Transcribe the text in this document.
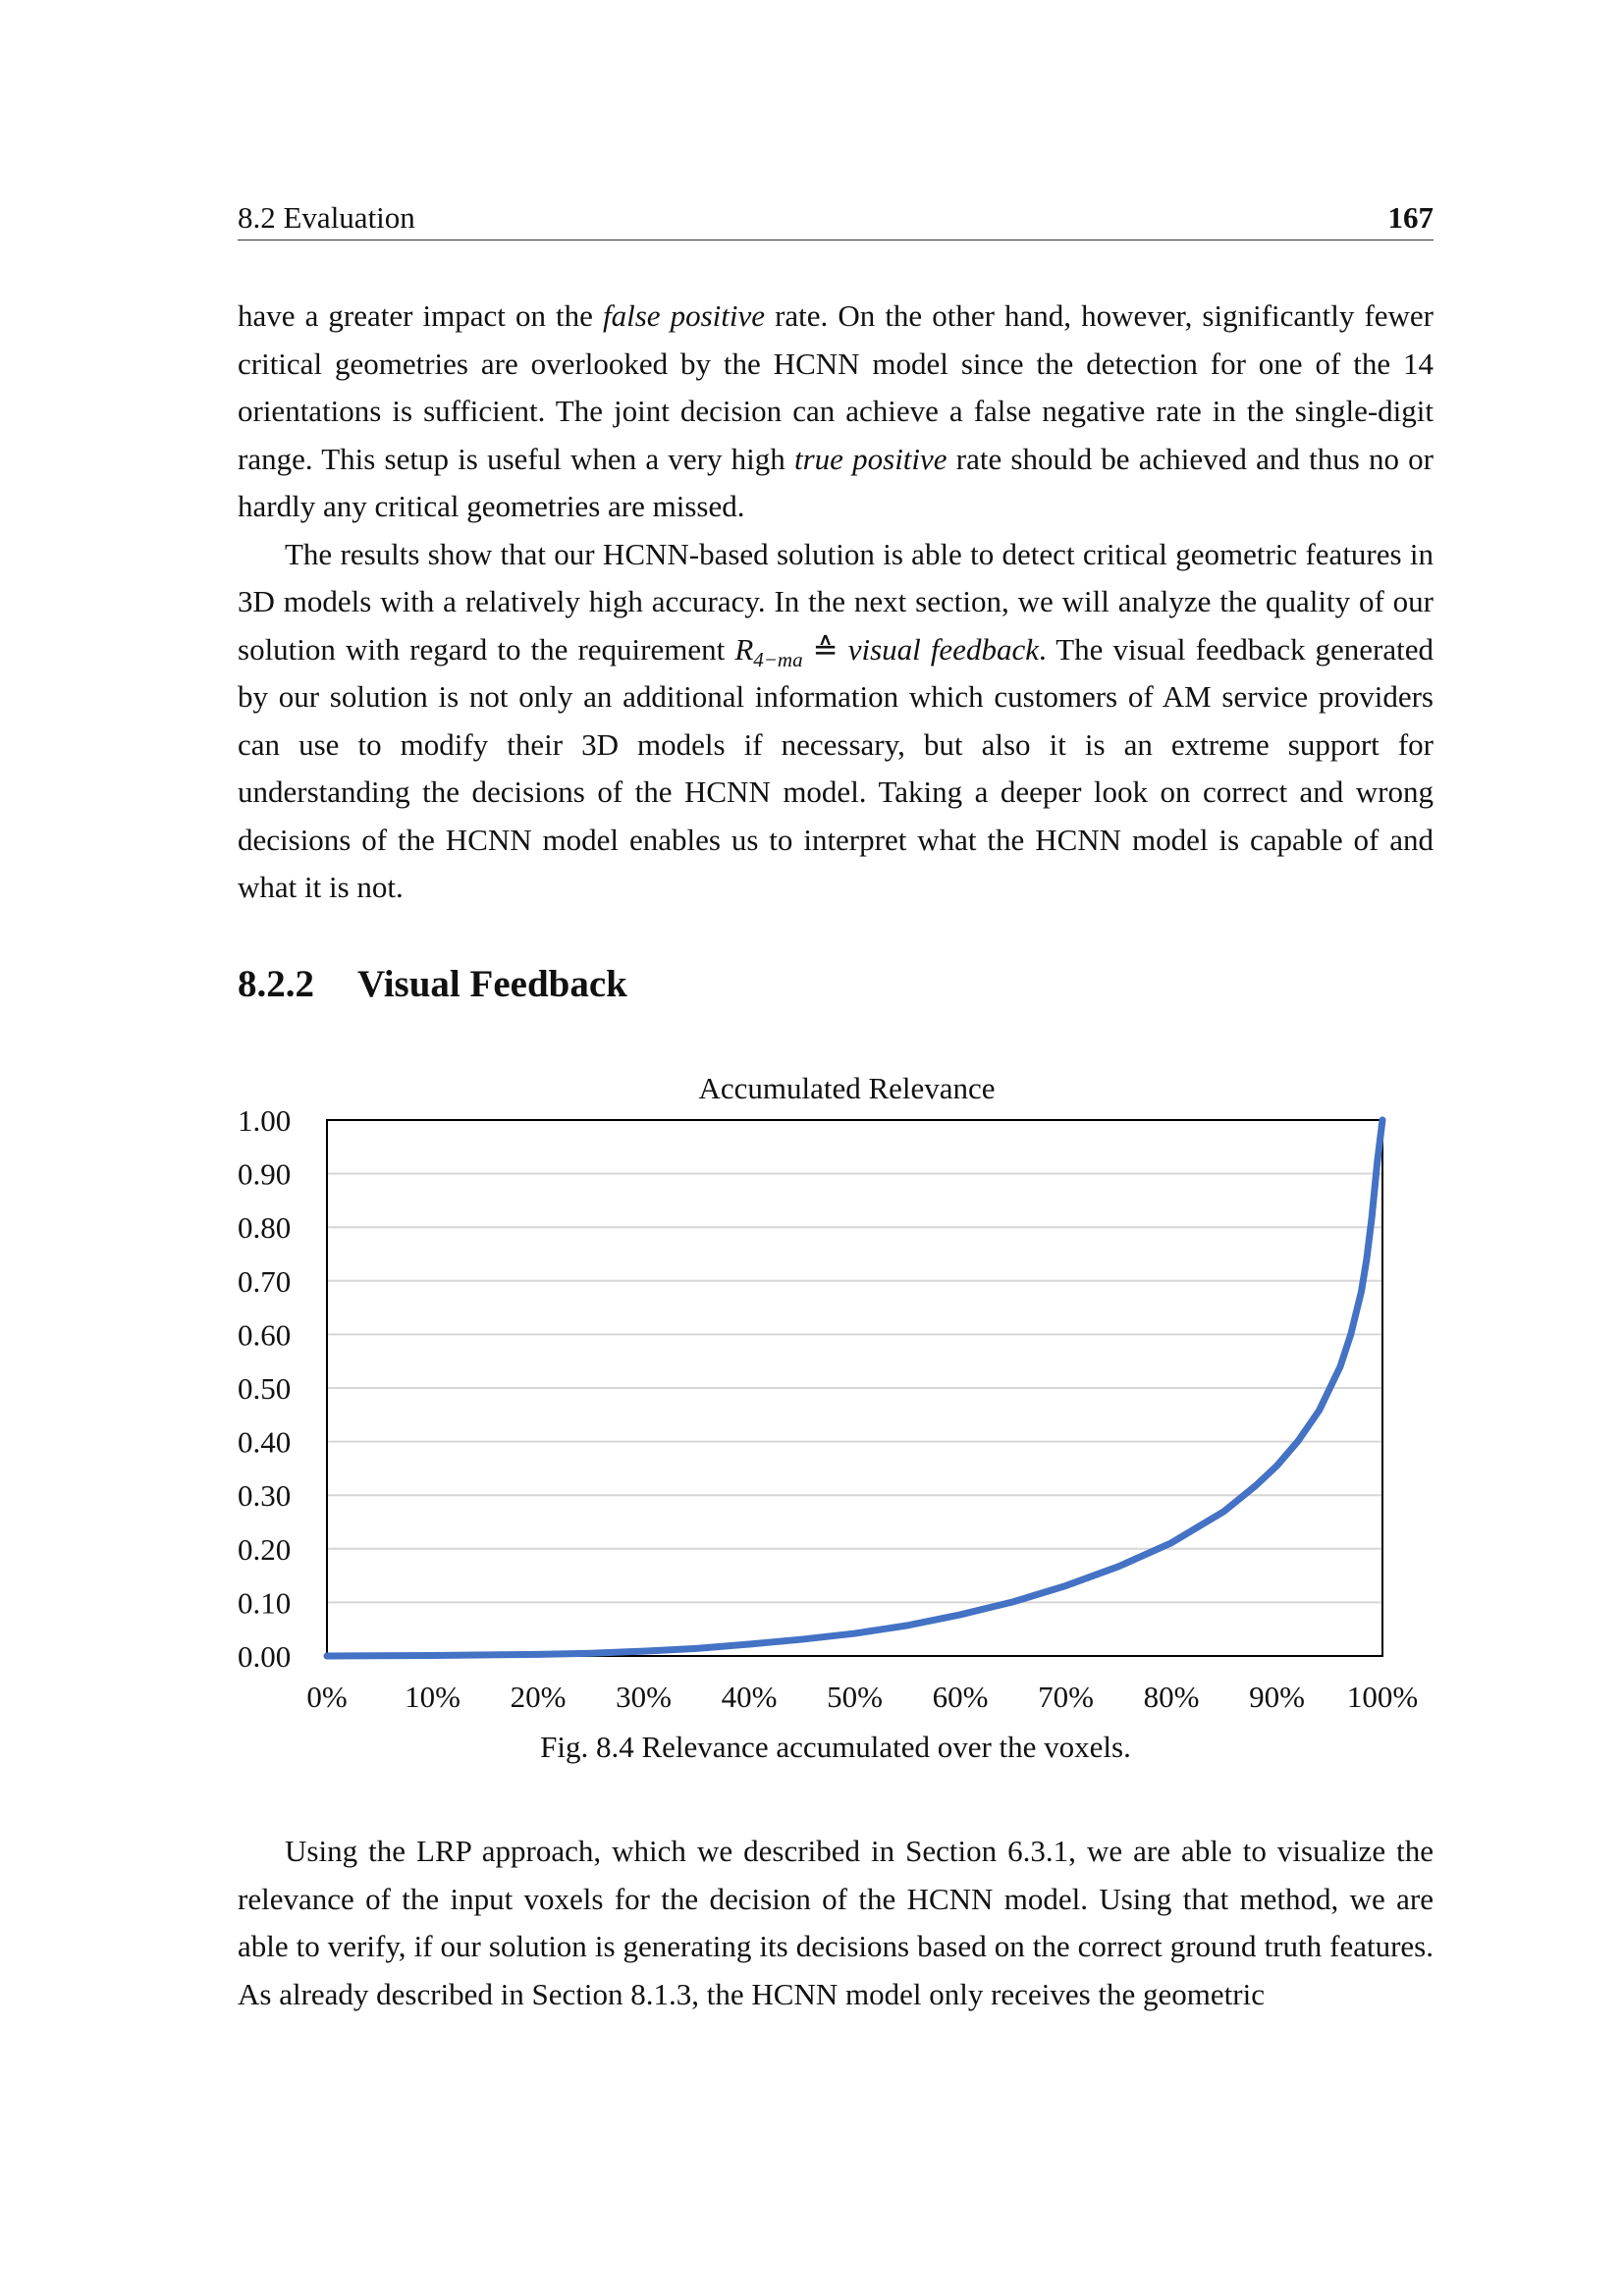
8.2 Evaluation	167

have a greater impact on the false positive rate. On the other hand, however, significantly fewer critical geometries are overlooked by the HCNN model since the detection for one of the 14 orientations is sufficient. The joint decision can achieve a false negative rate in the single-digit range. This setup is useful when a very high true positive rate should be achieved and thus no or hardly any critical geometries are missed.

The results show that our HCNN-based solution is able to detect critical geometric features in 3D models with a relatively high accuracy. In the next section, we will analyze the quality of our solution with regard to the requirement $R_{4-ma}$ ≙ visual feedback. The visual feedback generated by our solution is not only an additional information which customers of AM service providers can use to modify their 3D models if necessary, but also it is an extreme support for understanding the decisions of the HCNN model. Taking a deeper look on correct and wrong decisions of the HCNN model enables us to interpret what the HCNN model is capable of and what it is not.

8.2.2 Visual Feedback
Accumulated Relevance
0.00
0.10
0.20
0.30
0.40
0.50
0.60
0.70
0.80
0.90
1.00
0% 10% 20% 30% 40% 50% 60% 70% 80% 90% 100%
Fig. 8.4 Relevance accumulated over the voxels.

Using the LRP approach, which we described in Section 6.3.1, we are able to visualize the relevance of the input voxels for the decision of the HCNN model. Using that method, we are able to verify, if our solution is generating its decisions based on the correct ground truth features. As already described in Section 8.1.3, the HCNN model only receives the geometric
